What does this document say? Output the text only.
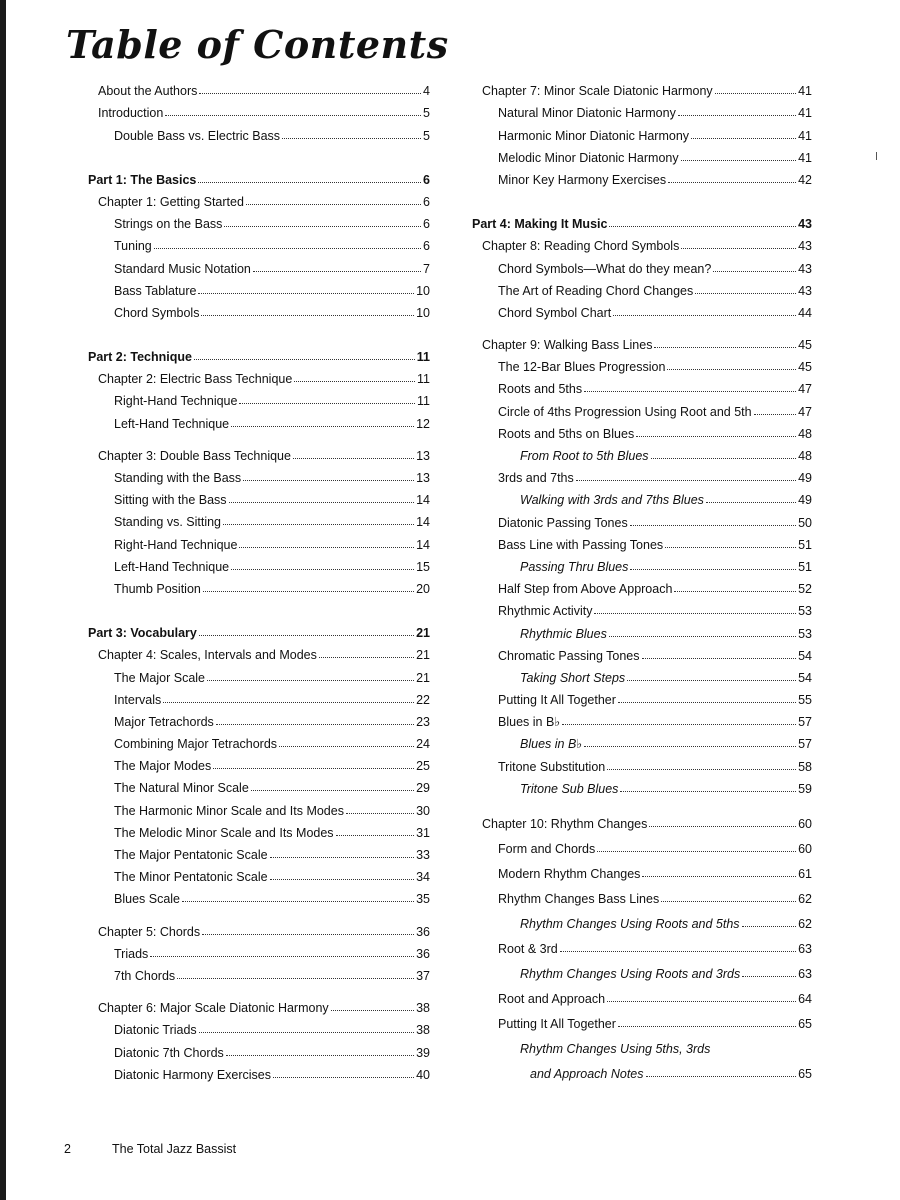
Table of Contents
About the Authors	4
Introduction	5
Double Bass vs. Electric Bass	5
Part 1: The Basics	6
Chapter 1: Getting Started	6
Strings on the Bass	6
Tuning	6
Standard Music Notation	7
Bass Tablature	10
Chord Symbols	10
Part 2: Technique	11
Chapter 2: Electric Bass Technique	11
Right-Hand Technique	11
Left-Hand Technique	12
Chapter 3: Double Bass Technique	13
Standing with the Bass	13
Sitting with the Bass	14
Standing vs. Sitting	14
Right-Hand Technique	14
Left-Hand Technique	15
Thumb Position	20
Part 3: Vocabulary	21
Chapter 4: Scales, Intervals and Modes	21
The Major Scale	21
Intervals	22
Major Tetrachords	23
Combining Major Tetrachords	24
The Major Modes	25
The Natural Minor Scale	29
The Harmonic Minor Scale and Its Modes	30
The Melodic Minor Scale and Its Modes	31
The Major Pentatonic Scale	33
The Minor Pentatonic Scale	34
Blues Scale	35
Chapter 5: Chords	36
Triads	36
7th Chords	37
Chapter 6: Major Scale Diatonic Harmony	38
Diatonic Triads	38
Diatonic 7th Chords	39
Diatonic Harmony Exercises	40
Chapter 7: Minor Scale Diatonic Harmony	41
Natural Minor Diatonic Harmony	41
Harmonic Minor Diatonic Harmony	41
Melodic Minor Diatonic Harmony	41
Minor Key Harmony Exercises	42
Part 4: Making It Music	43
Chapter 8: Reading Chord Symbols	43
Chord Symbols—What do they mean?	43
The Art of Reading Chord Changes	43
Chord Symbol Chart	44
Chapter 9: Walking Bass Lines	45
The 12-Bar Blues Progression	45
Roots and 5ths	47
Circle of 4ths Progression Using Root and 5th	47
Roots and 5ths on Blues	48
From Root to 5th Blues	48
3rds and 7ths	49
Walking with 3rds and 7ths Blues	49
Diatonic Passing Tones	50
Bass Line with Passing Tones	51
Passing Thru Blues	51
Half Step from Above Approach	52
Rhythmic Activity	53
Rhythmic Blues	53
Chromatic Passing Tones	54
Taking Short Steps	54
Putting It All Together	55
Blues in B♭	57
Blues in B♭	57
Tritone Substitution	58
Tritone Sub Blues	59
Chapter 10: Rhythm Changes	60
Form and Chords	60
Modern Rhythm Changes	61
Rhythm Changes Bass Lines	62
Rhythm Changes Using Roots and 5ths	62
Root & 3rd	63
Rhythm Changes Using Roots and 3rds	63
Root and Approach	64
Putting It All Together	65
Rhythm Changes Using 5ths, 3rds
and Approach Notes	65
2	The Total Jazz Bassist
